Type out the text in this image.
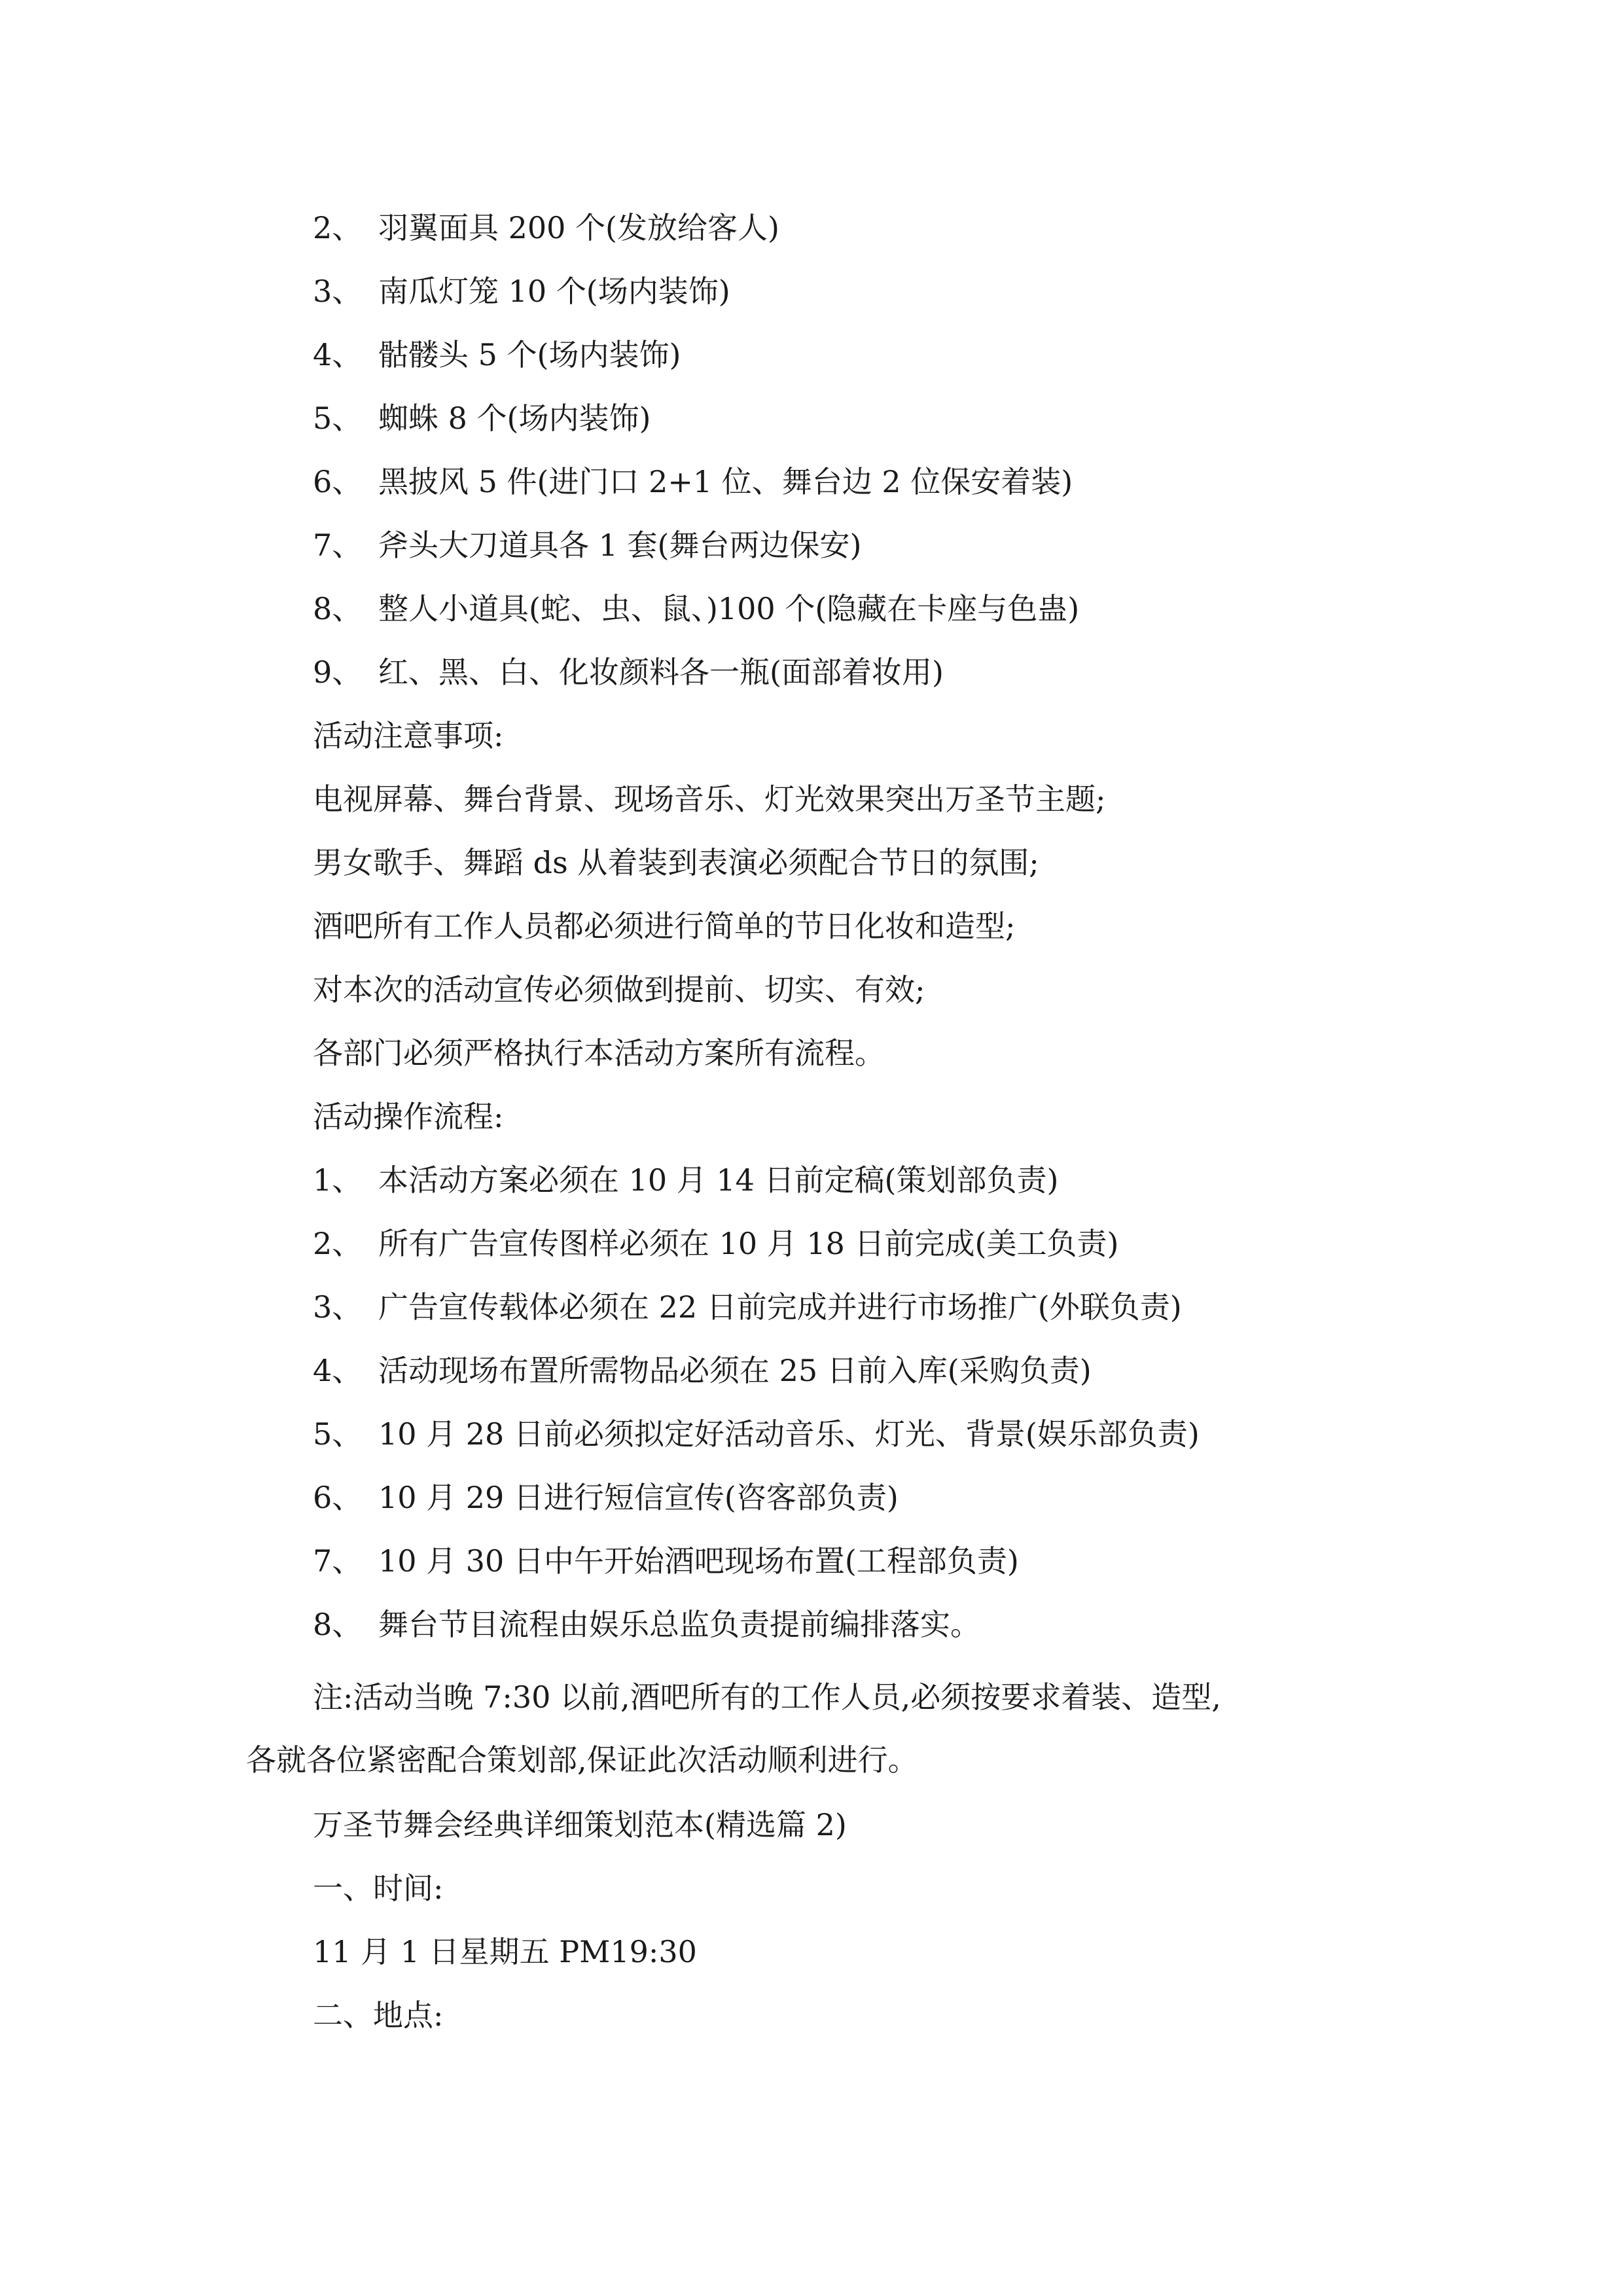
2、 羽翼面具 200 个(发放给客人)
3、 南瓜灯笼 10 个(场内装饰)
4、 骷髅头 5 个(场内装饰)
5、 蜘蛛 8 个(场内装饰)
6、 黑披风 5 件(进门口 2+1 位、舞台边 2 位保安着装)
7、 斧头大刀道具各 1 套(舞台两边保安)
8、 整人小道具(蛇、虫、鼠、)100 个(隐藏在卡座与色蛊)
9、 红、黑、白、化妆颜料各一瓶(面部着妆用)
活动注意事项:
电视屏幕、舞台背景、现场音乐、灯光效果突出万圣节主题;
男女歌手、舞蹈 ds 从着装到表演必须配合节日的氛围;
酒吧所有工作人员都必须进行简单的节日化妆和造型;
对本次的活动宣传必须做到提前、切实、有效;
各部门必须严格执行本活动方案所有流程。
活动操作流程:
1、 本活动方案必须在 10 月 14 日前定稿(策划部负责)
2、 所有广告宣传图样必须在 10 月 18 日前完成(美工负责)
3、 广告宣传载体必须在 22 日前完成并进行市场推广(外联负责)
4、 活动现场布置所需物品必须在 25 日前入库(采购负责)
5、 10 月 28 日前必须拟定好活动音乐、灯光、背景(娱乐部负责)
6、 10 月 29 日进行短信宣传(咨客部负责)
7、 10 月 30 日中午开始酒吧现场布置(工程部负责)
8、 舞台节目流程由娱乐总监负责提前编排落实。
注:活动当晚 7:30 以前,酒吧所有的工作人员,必须按要求着装、造型,
各就各位紧密配合策划部,保证此次活动顺利进行。
万圣节舞会经典详细策划范本(精选篇 2)
一、时间:
11 月 1 日星期五 PM19:30
二、地点:
